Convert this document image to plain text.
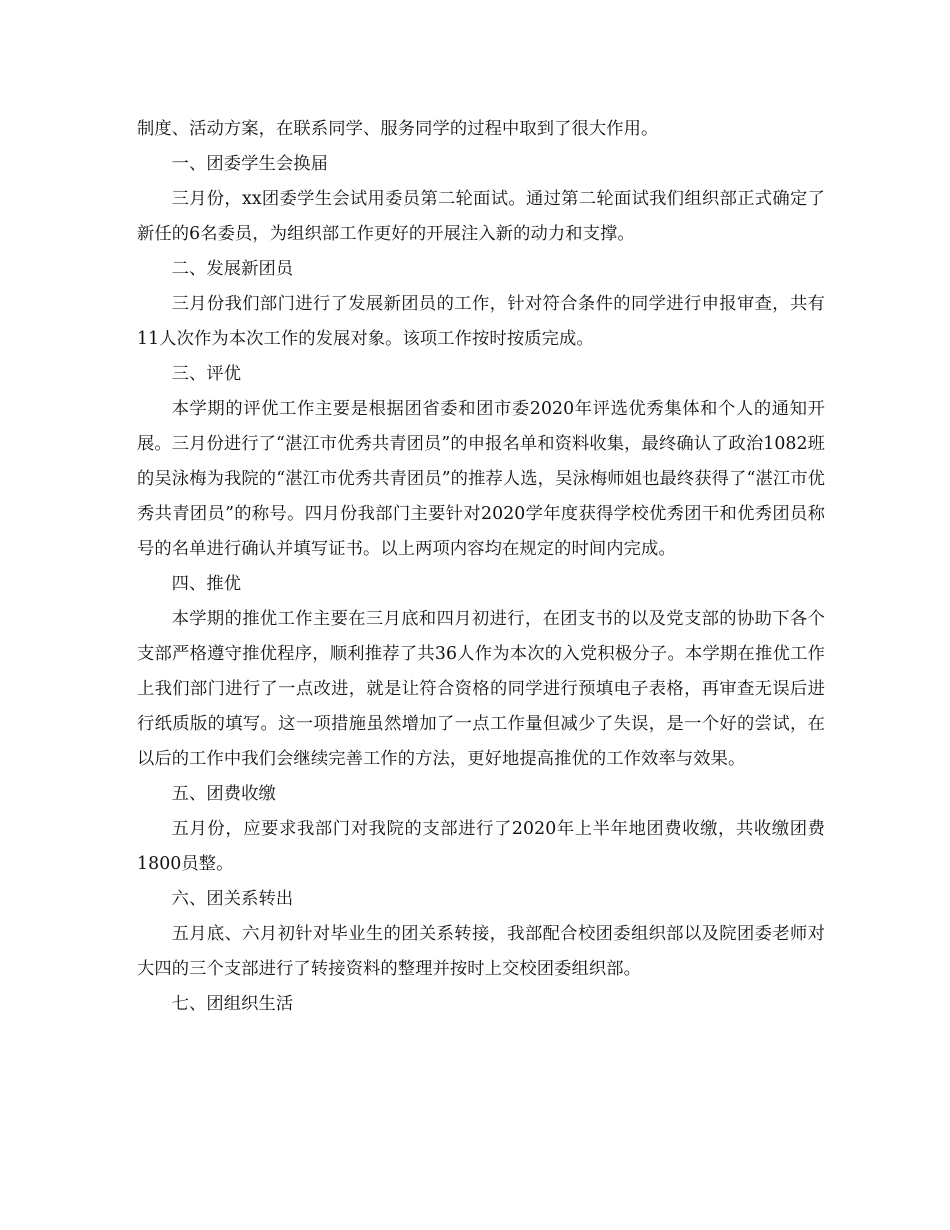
制度、活动方案，在联系同学、服务同学的过程中取到了很大作用。

一、团委学生会换届

三月份，xx团委学生会试用委员第二轮面试。通过第二轮面试我们组织部正式确定了新任的6名委员，为组织部工作更好的开展注入新的动力和支撑。

二、发展新团员

三月份我们部门进行了发展新团员的工作，针对符合条件的同学进行申报审查，共有11人次作为本次工作的发展对象。该项工作按时按质完成。

三、评优

本学期的评优工作主要是根据团省委和团市委2020年评选优秀集体和个人的通知开展。三月份进行了“湛江市优秀共青团员”的申报名单和资料收集，最终确认了政治1082班的吴泳梅为我院的“湛江市优秀共青团员”的推荐人选，吴泳梅师姐也最终获得了“湛江市优秀共青团员”的称号。四月份我部门主要针对2020学年度获得学校优秀团干和优秀团员称号的名单进行确认并填写证书。以上两项内容均在规定的时间内完成。

四、推优

本学期的推优工作主要在三月底和四月初进行，在团支书的以及党支部的协助下各个支部严格遵守推优程序，顺利推荐了共36人作为本次的入党积极分子。本学期在推优工作上我们部门进行了一点改进，就是让符合资格的同学进行预填电子表格，再审查无误后进行纸质版的填写。这一项措施虽然增加了一点工作量但减少了失误，是一个好的尝试，在以后的工作中我们会继续完善工作的方法，更好地提高推优的工作效率与效果。

五、团费收缴

五月份，应要求我部门对我院的支部进行了2020年上半年地团费收缴，共收缴团费1800员整。

六、团关系转出

五月底、六月初针对毕业生的团关系转接，我部配合校团委组织部以及院团委老师对大四的三个支部进行了转接资料的整理并按时上交校团委组织部。

七、团组织生活
